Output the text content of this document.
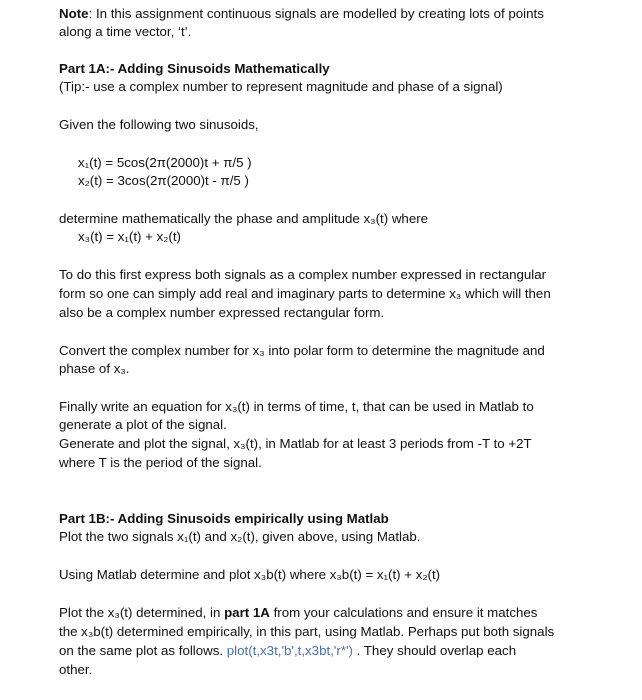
Note: In this assignment continuous signals are modelled by creating lots of points
along a time vector, ‘t’.
Part 1A:- Adding Sinusoids Mathematically
(Tip:- use a complex number to represent magnitude and phase of a signal)
Given the following two sinusoids,
x₁(t) = 5cos(2π(2000)t + π/5 )
x₂(t) = 3cos(2π(2000)t - π/5 )
determine mathematically the phase and amplitude x₃(t) where
x₃(t) = x₁(t) + x₂(t)
To do this first express both signals as a complex number expressed in rectangular
form so one can simply add real and imaginary parts to determine x₃ which will then
also be a complex number expressed rectangular form.
Convert the complex number for x₃ into polar form to determine the magnitude and
phase of x₃.
Finally write an equation for x₃(t) in terms of time, t, that can be used in Matlab to
generate a plot of the signal.
Generate and plot the signal, x₃(t), in Matlab for at least 3 periods from -T to +2T
where T is the period of the signal.
Part 1B:- Adding Sinusoids empirically using Matlab
Plot the two signals x₁(t) and x₂(t), given above, using Matlab.
Using Matlab determine and plot x₃b(t) where x₃b(t) = x₁(t) + x₂(t)
Plot the x₃(t) determined, in part 1A from your calculations and ensure it matches
the x₃b(t) determined empirically, in this part, using Matlab. Perhaps put both signals
on the same plot as follows. plot(t,x3t,'b',t,x3bt,'r*') . They should overlap each
other.
